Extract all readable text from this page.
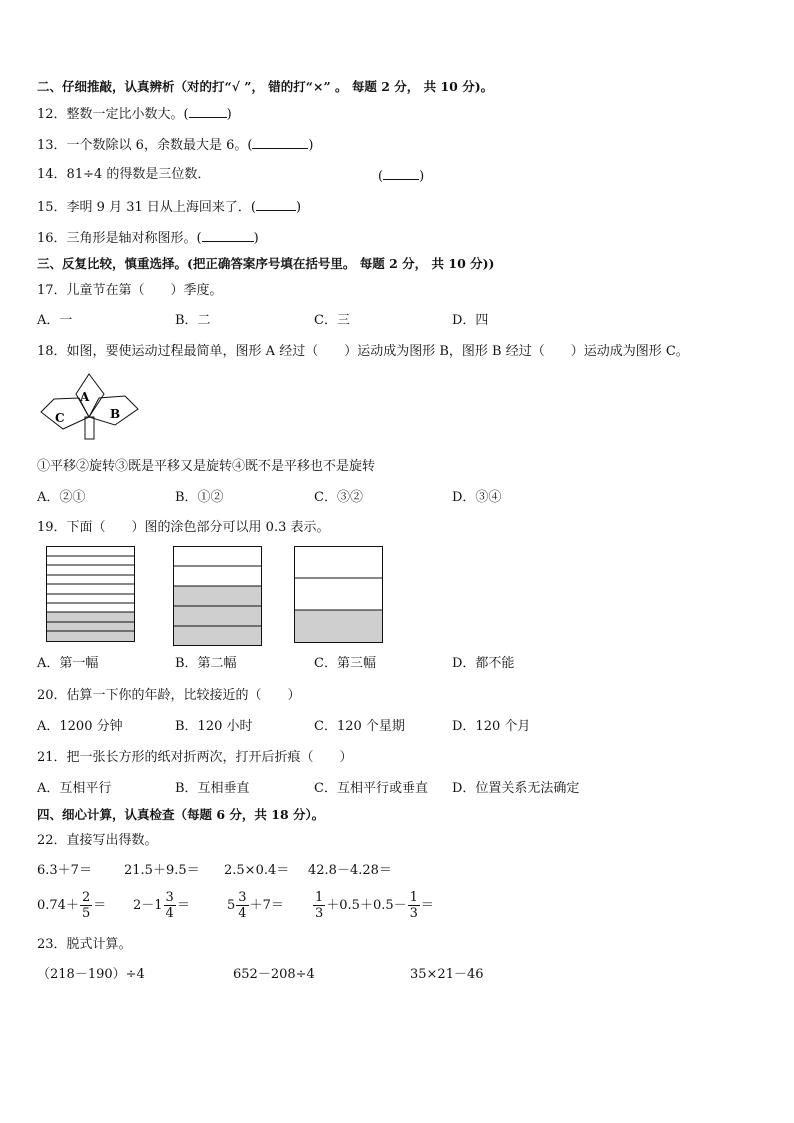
二、仔细推敲，认真辨析（对的打“√ ”， 错的打“×” 。 每题 2 分， 共 10 分)。
12．整数一定比小数大。(	)
13．一个数除以 6，余数最大是 6。(	)
14．81÷4 的得数是三位数．	(	)
15．李明 9 月 31 日从上海回来了．(	)
16．三角形是轴对称图形。(	)
三、反复比较，慎重选择。(把正确答案序号填在括号里。 每题 2 分， 共 10 分))
17．儿童节在第（　　）季度。
A．一	B．二	C．三	D．四
18．如图，要使运动过程最简单，图形 A 经过（　　）运动成为图形 B，图形 B 经过（　　）运动成为图形 C。
A
B
C
①平移②旋转③既是平移又是旋转④既不是平移也不是旋转
A．②①	B．①②	C．③②	D．③④
19．下面（　　）图的涂色部分可以用 0.3 表示。
A．第一幅	B．第二幅	C．第三幅	D．都不能
20．估算一下你的年龄，比较接近的（　　）
A．1200 分钟	B．120 小时	C．120 个星期	D．120 个月
21．把一张长方形的纸对折两次，打开后折痕（　　）
A．互相平行	B．互相垂直	C．互相平行或垂直 D．位置关系无法确定
四、细心计算，认真检查（每题 6 分，共 18 分）。
22．直接写出得数。
6.3＋7＝ 21.5＋9.5＝ 2.5×0.4＝ 42.8－4.28＝
$0.74+ \frac{2}{5} = 2-1 \frac{3}{4}$ ＝	$5 \frac{3}{4} +7= \frac{1}{3} +0.5+0.5- \frac{1}{3}$ ＝
23．脱式计算。
（218－190）÷4	652－208÷4	35×21－46
